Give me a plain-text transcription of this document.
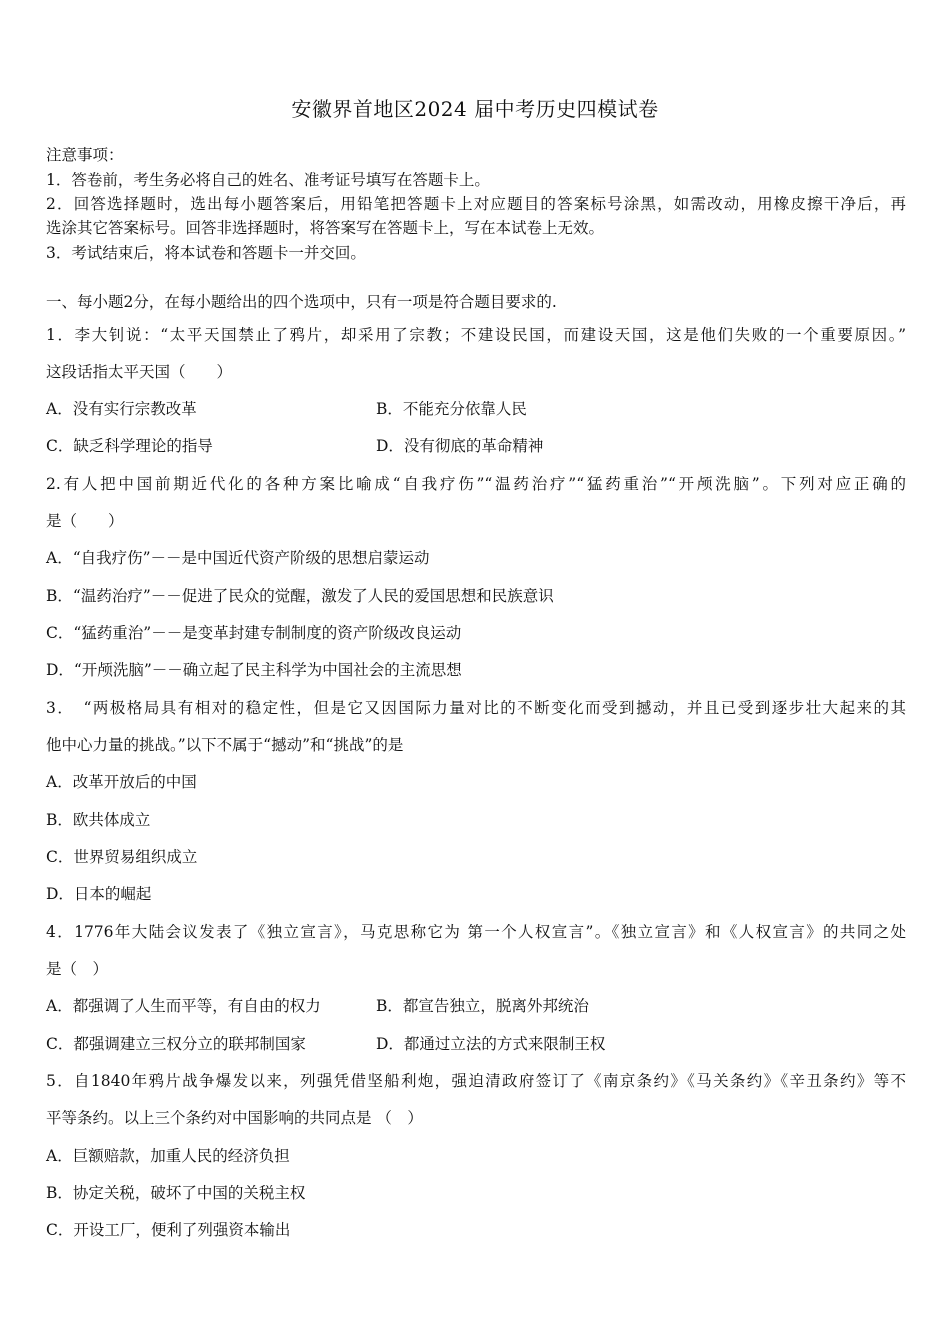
安徽界首地区2024 届中考历史四模试卷
注意事项：
1．答卷前，考生务必将自己的姓名、准考证号填写在答题卡上。
2．回答选择题时，选出每小题答案后，用铅笔把答题卡上对应题目的答案标号涂黑，如需改动，用橡皮擦干净后，再
选涂其它答案标号。回答非选择题时，将答案写在答题卡上，写在本试卷上无效。
3．考试结束后，将本试卷和答题卡一并交回。
一、每小题2分，在每小题给出的四个选项中，只有一项是符合题目要求的.
1．李大钊说：“太平天国禁止了鸦片，却采用了宗教；不建设民国，而建设天国，这是他们失败的一个重要原因。”
这段话指太平天国（　　）
A．没有实行宗教改革	B．不能充分依靠人民
C．缺乏科学理论的指导	D．没有彻底的革命精神
2.有人把中国前期近代化的各种方案比喻成“自我疗伤”“温药治疗”“猛药重治”“开颅洗脑”。下列对应正确的
是（　　）
A．“自我疗伤”－－是中国近代资产阶级的思想启蒙运动
B．“温药治疗”－－促进了民众的觉醒，激发了人民的爱国思想和民族意识
C．“猛药重治”－－是变革封建专制制度的资产阶级改良运动
D．“开颅洗脑”－－确立起了民主科学为中国社会的主流思想
3．　“两极格局具有相对的稳定性，但是它又因国际力量对比的不断变化而受到撼动，并且已受到逐步壮大起来的其
他中心力量的挑战。”以下不属于“撼动”和“挑战”的是
A．改革开放后的中国
B．欧共体成立
C．世界贸易组织成立
D．日本的崛起
4．1776年大陆会议发表了《独立宣言》，马克思称它为 第一个人权宣言”。《独立宣言》和《人权宣言》的共同之处
是（　）
A．都强调了人生而平等，有自由的权力	B．都宣告独立，脱离外邦统治
C．都强调建立三权分立的联邦制国家	D．都通过立法的方式来限制王权
5．自1840年鸦片战争爆发以来，列强凭借坚船利炮，强迫清政府签订了《南京条约》《马关条约》《辛丑条约》等不
平等条约。以上三个条约对中国影响的共同点是 （　）
A．巨额赔款，加重人民的经济负担
B．协定关税，破坏了中国的关税主权
C．开设工厂，便利了列强资本输出
